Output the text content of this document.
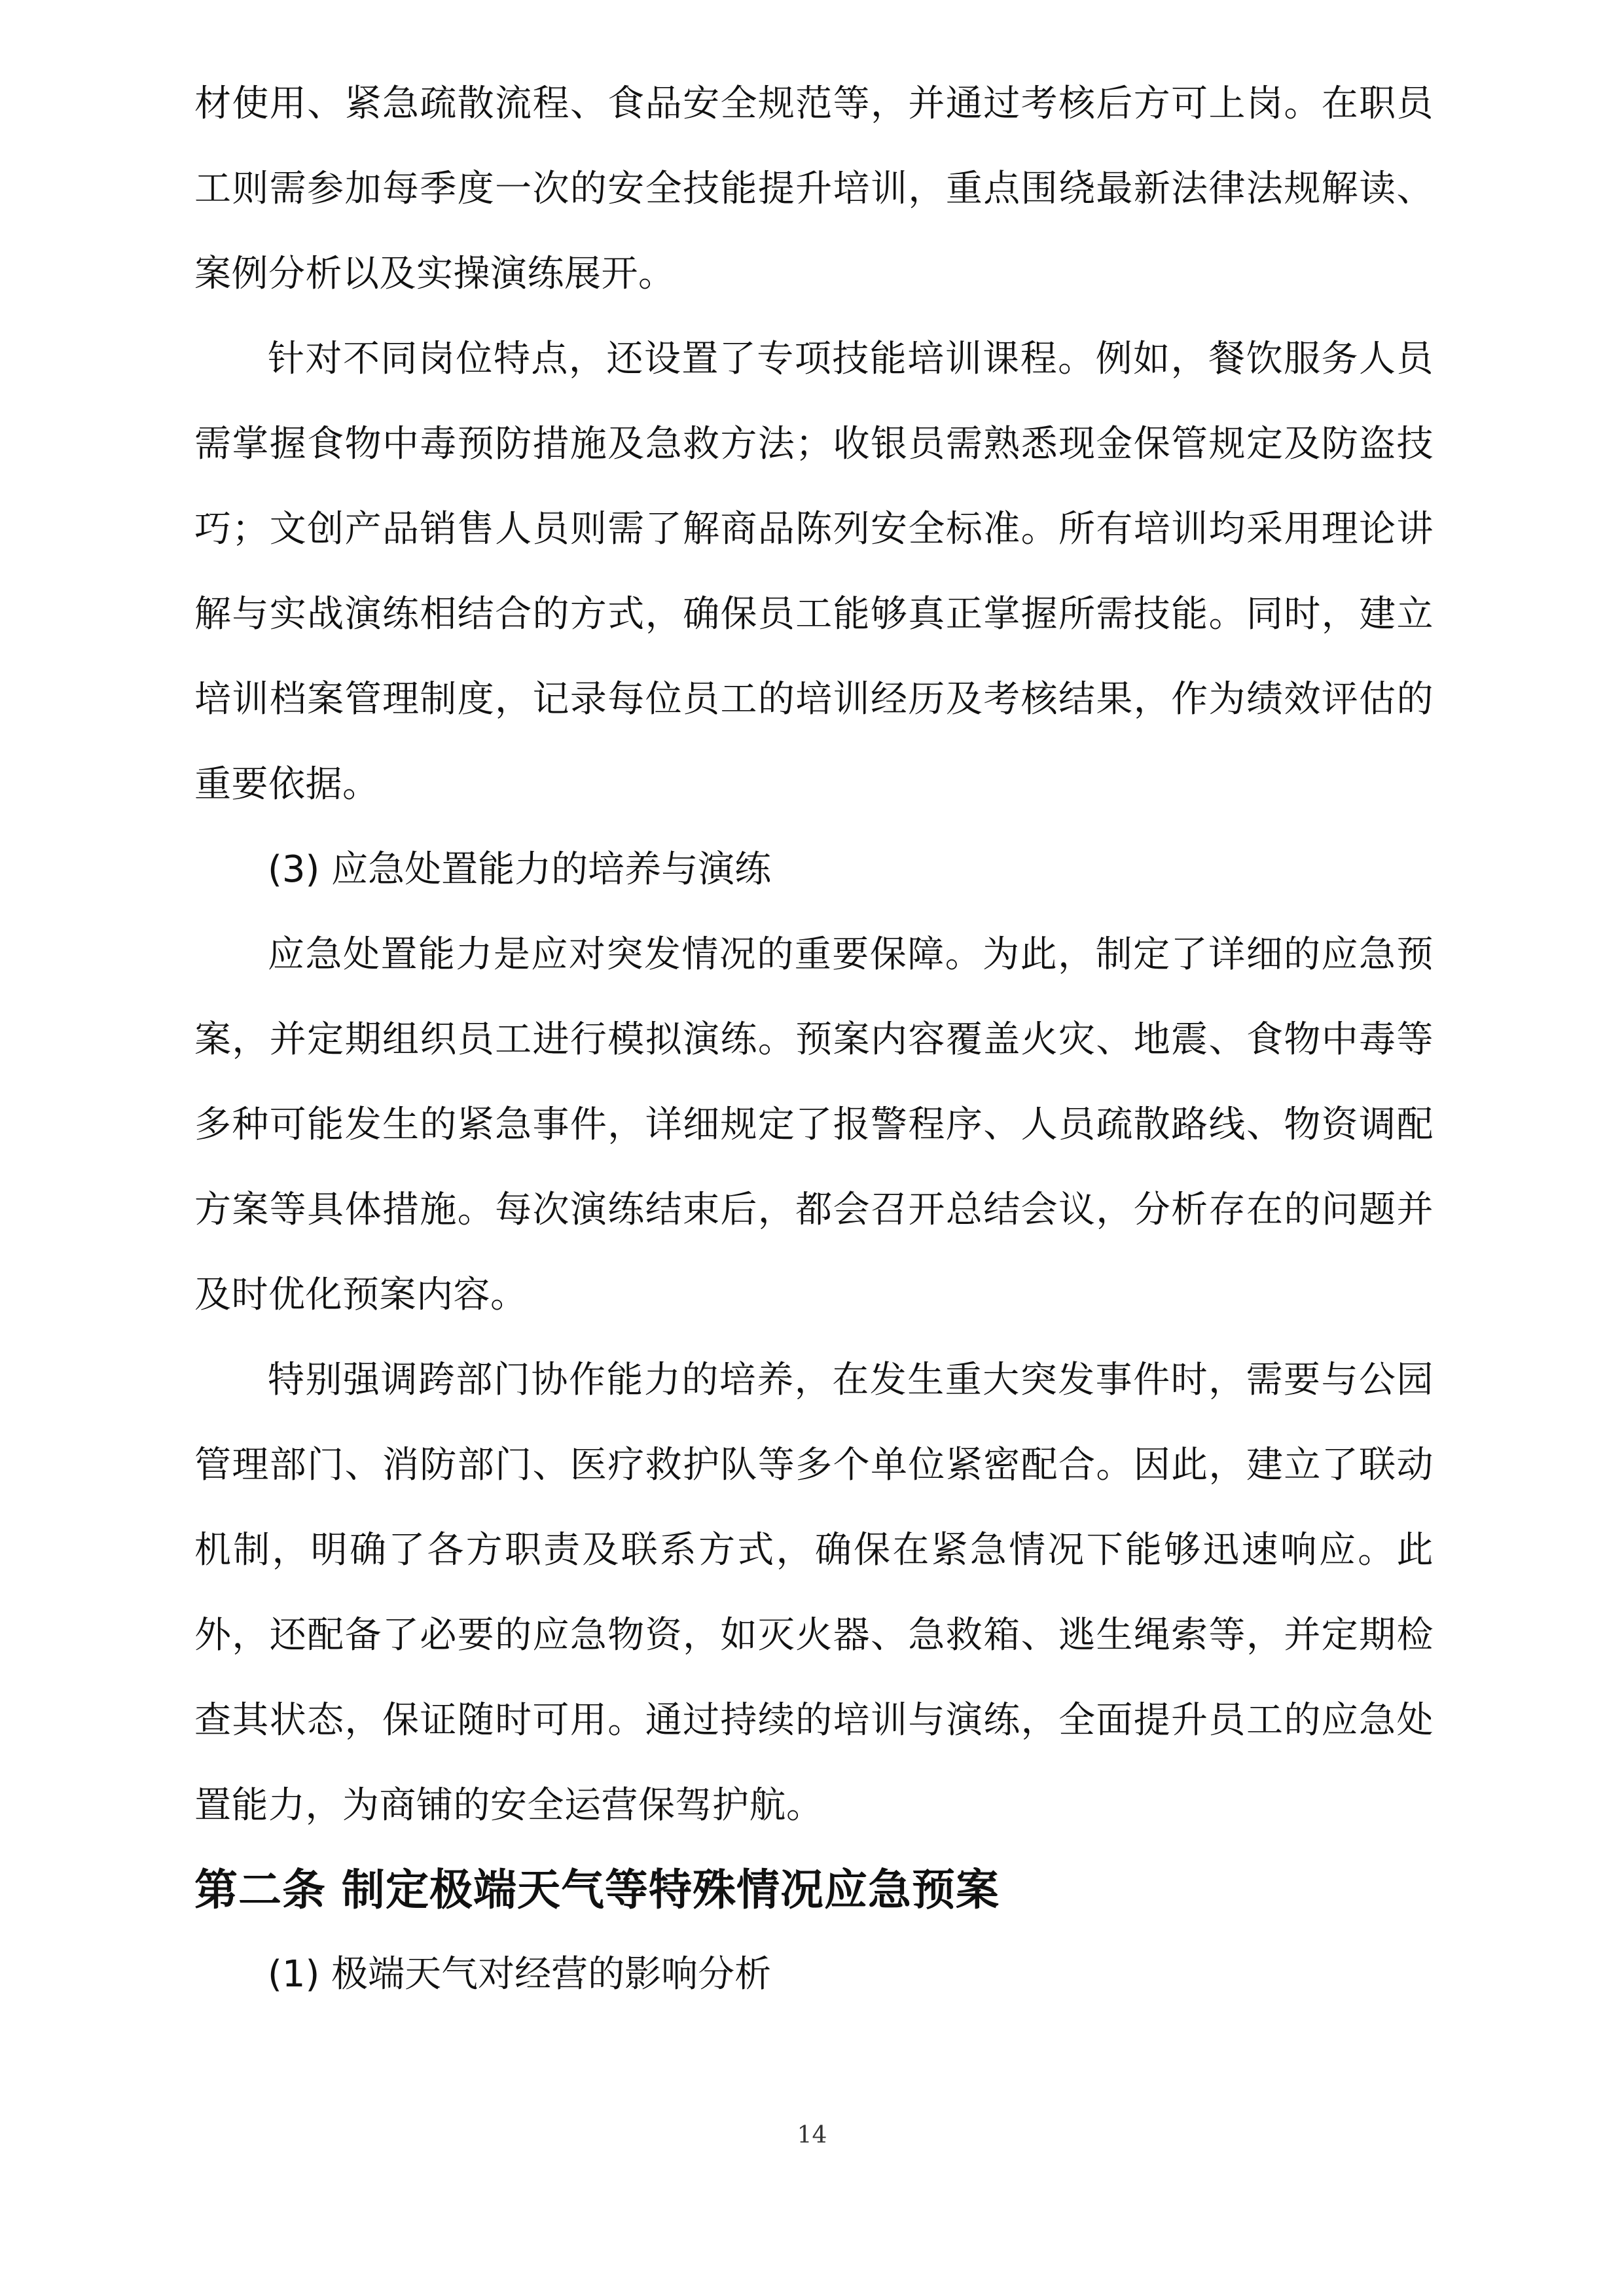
材使用、紧急疏散流程、食品安全规范等，并通过考核后方可上岗。在职员工则需参加每季度一次的安全技能提升培训，重点围绕最新法律法规解读、案例分析以及实操演练展开。

针对不同岗位特点，还设置了专项技能培训课程。例如，餐饮服务人员需掌握食物中毒预防措施及急救方法；收银员需熟悉现金保管规定及防盗技巧；文创产品销售人员则需了解商品陈列安全标准。所有培训均采用理论讲解与实战演练相结合的方式，确保员工能够真正掌握所需技能。同时，建立培训档案管理制度，记录每位员工的培训经历及考核结果，作为绩效评估的重要依据。

(3) 应急处置能力的培养与演练

应急处置能力是应对突发情况的重要保障。为此，制定了详细的应急预案，并定期组织员工进行模拟演练。预案内容覆盖火灾、地震、食物中毒等多种可能发生的紧急事件，详细规定了报警程序、人员疏散路线、物资调配方案等具体措施。每次演练结束后，都会召开总结会议，分析存在的问题并及时优化预案内容。

特别强调跨部门协作能力的培养，在发生重大突发事件时，需要与公园管理部门、消防部门、医疗救护队等多个单位紧密配合。因此，建立了联动机制，明确了各方职责及联系方式，确保在紧急情况下能够迅速响应。此外，还配备了必要的应急物资，如灭火器、急救箱、逃生绳索等，并定期检查其状态，保证随时可用。通过持续的培训与演练，全面提升员工的应急处置能力，为商铺的安全运营保驾护航。

第二条 制定极端天气等特殊情况应急预案

(1) 极端天气对经营的影响分析

14
